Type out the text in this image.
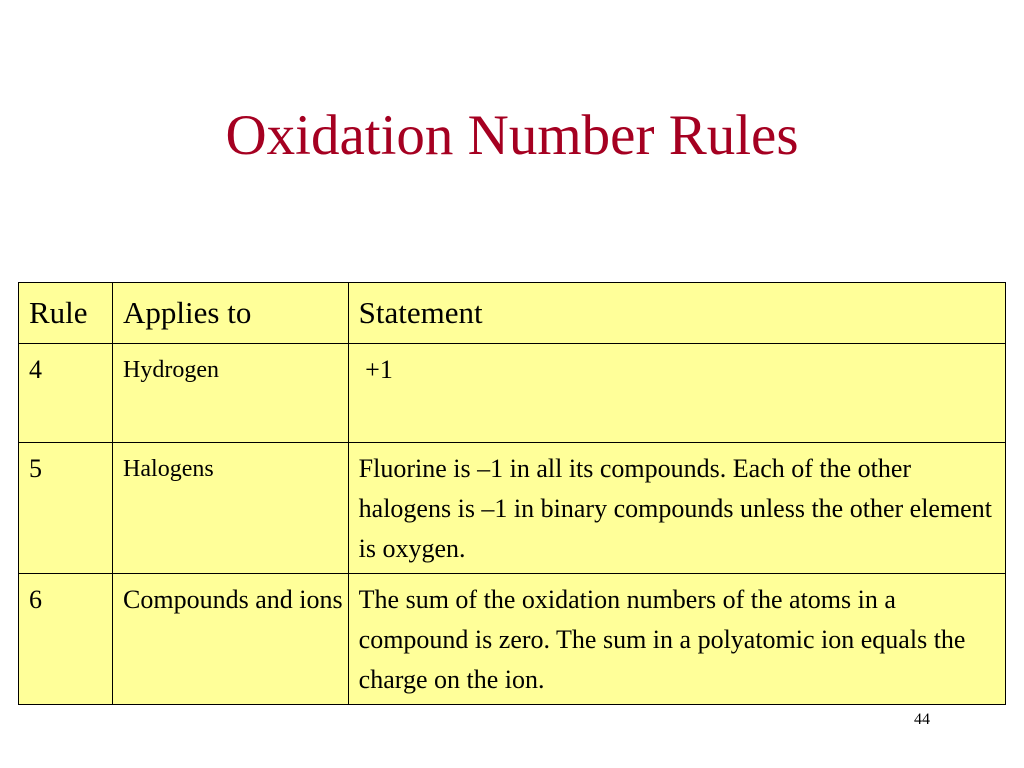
Oxidation Number Rules
Rule	Applies to	Statement
4	Hydrogen	+1
5	Halogens	Fluorine is –1 in all its compounds. Each of the other halogens is –1 in binary compounds unless the other element is oxygen.
6	Compounds and ions	The sum of the oxidation numbers of the atoms in a compound is zero. The sum in a polyatomic ion equals the charge on the ion.
44
